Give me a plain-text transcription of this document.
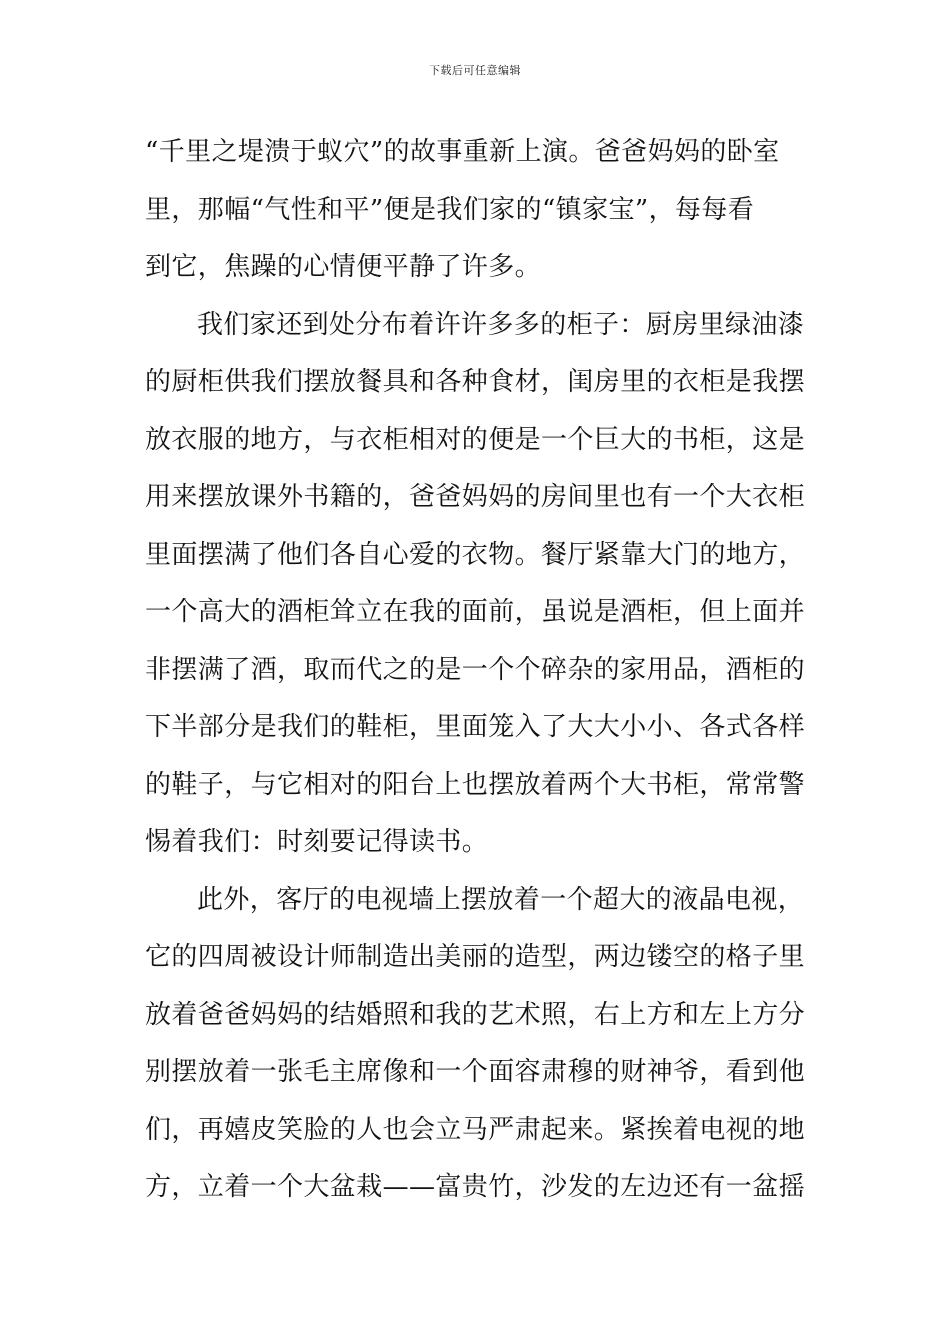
下载后可任意编辑
“千里之堤溃于蚁穴”的故事重新上演。爸爸妈妈的卧室
里，那幅“气性和平”便是我们家的“镇家宝”，每每看
到它，焦躁的心情便平静了许多。
我们家还到处分布着许许多多的柜子：厨房里绿油漆
的厨柜供我们摆放餐具和各种食材，闺房里的衣柜是我摆
放衣服的地方，与衣柜相对的便是一个巨大的书柜，这是
用来摆放课外书籍的，爸爸妈妈的房间里也有一个大衣柜
里面摆满了他们各自心爱的衣物。餐厅紧靠大门的地方，
一个高大的酒柜耸立在我的面前，虽说是酒柜，但上面并
非摆满了酒，取而代之的是一个个碎杂的家用品，酒柜的
下半部分是我们的鞋柜，里面笼入了大大小小、各式各样
的鞋子，与它相对的阳台上也摆放着两个大书柜，常常警
惕着我们：时刻要记得读书。
此外，客厅的电视墙上摆放着一个超大的液晶电视，
它的四周被设计师制造出美丽的造型，两边镂空的格子里
放着爸爸妈妈的结婚照和我的艺术照，右上方和左上方分
别摆放着一张毛主席像和一个面容肃穆的财神爷，看到他
们，再嬉皮笑脸的人也会立马严肃起来。紧挨着电视的地
方，立着一个大盆栽——富贵竹，沙发的左边还有一盆摇
